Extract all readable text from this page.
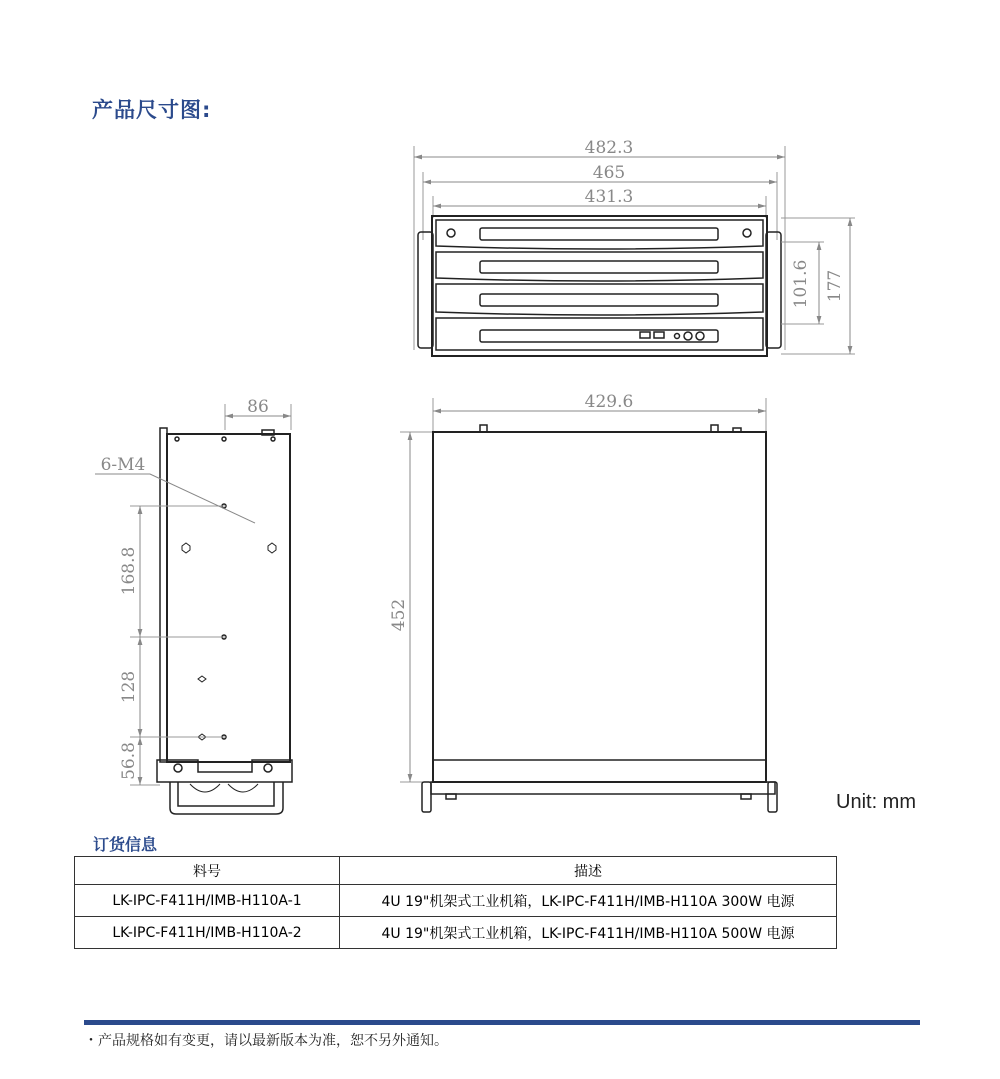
产品尺寸图:
482.3
465
431.3
101.6 177
86
6-M4
168.8
128
56.8
429.6
452
Unit: mm
订货信息
料号	描述
LK-IPC-F411H/IMB-H110A-1	4U 19"机架式工业机箱，LK-IPC-F411H/IMB-H110A 300W 电源
LK-IPC-F411H/IMB-H110A-2	4U 19"机架式工业机箱，LK-IPC-F411H/IMB-H110A 500W 电源
・产品规格如有变更，请以最新版本为准，恕不另外通知。
